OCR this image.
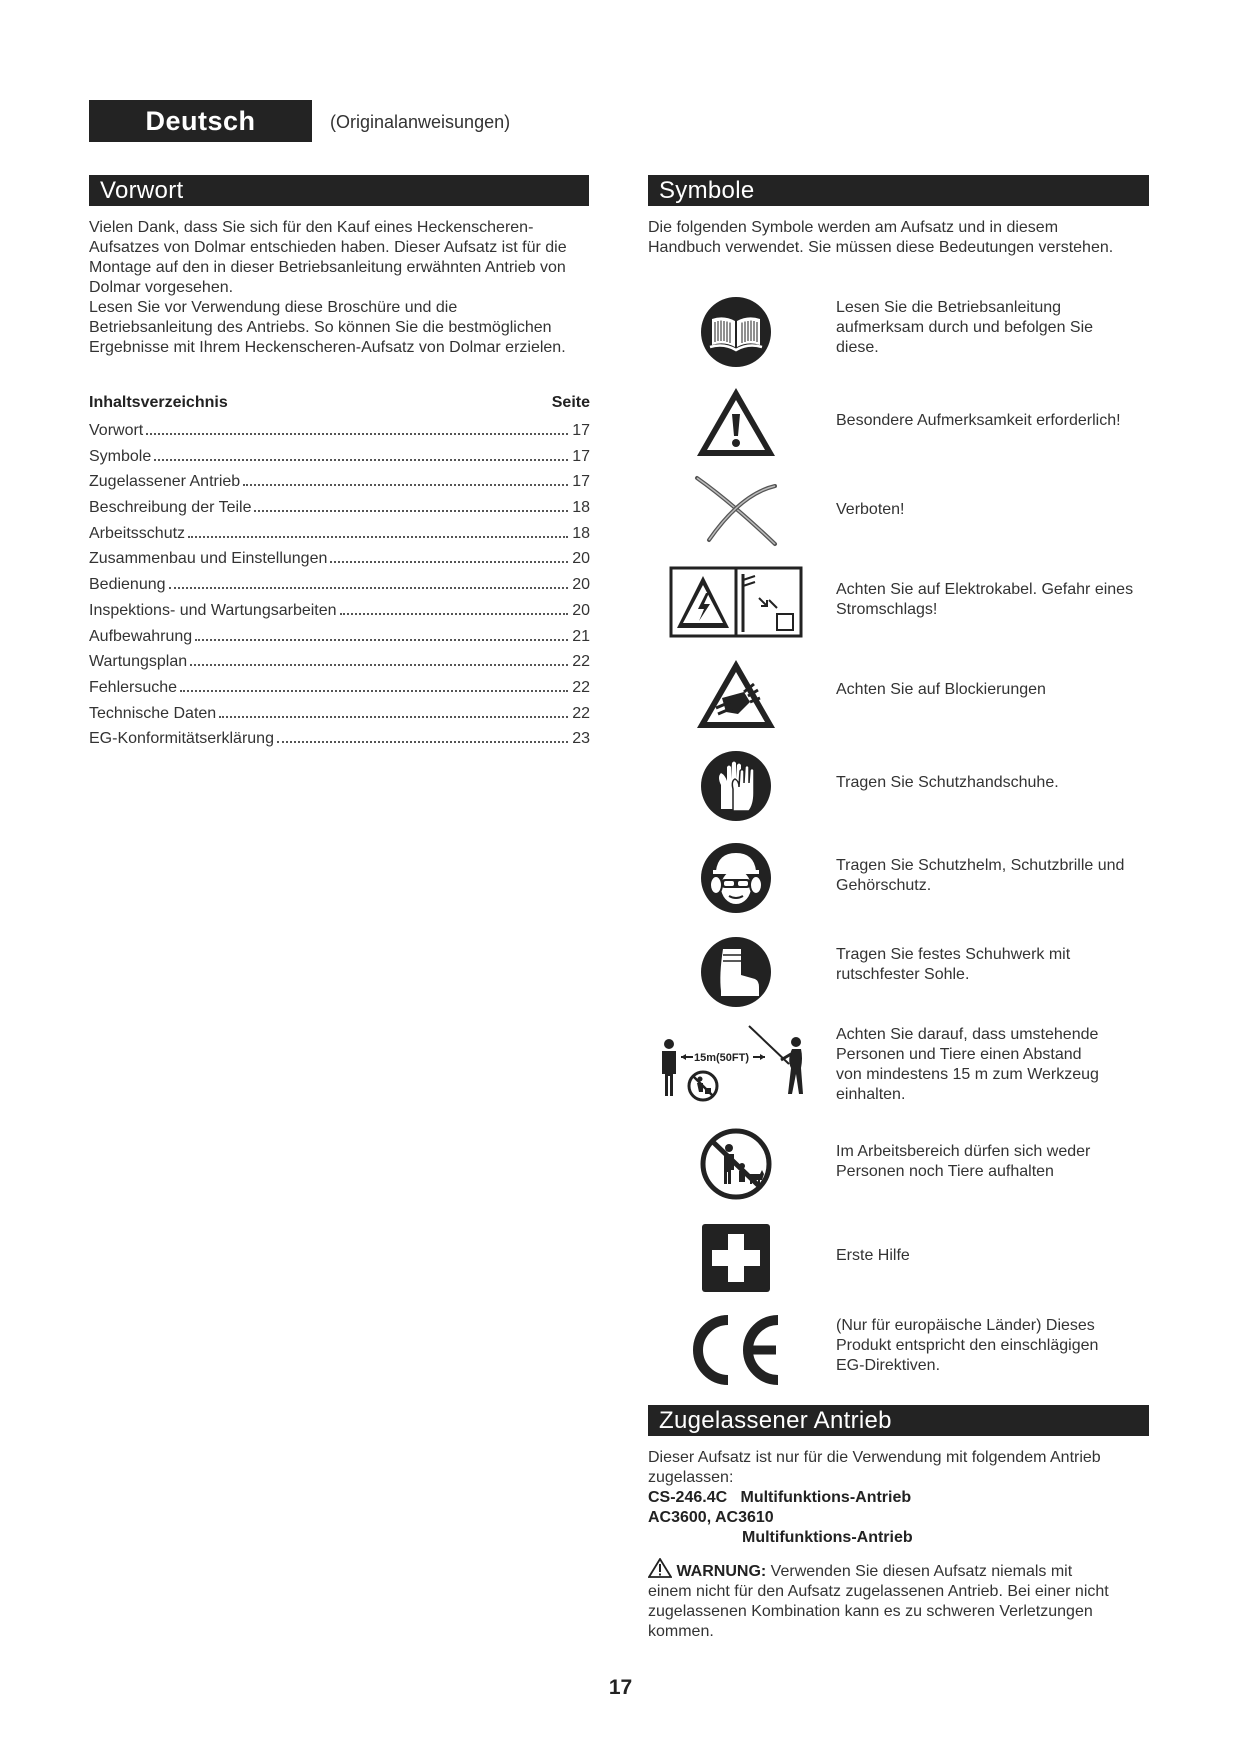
Deutsch	(Originalanweisungen)
Vorwort
Vielen Dank, dass Sie sich für den Kauf eines Heckenscheren-
Aufsatzes von Dolmar entschieden haben. Dieser Aufsatz ist für die
Montage auf den in dieser Betriebsanleitung erwähnten Antrieb von
Dolmar vorgesehen.
Lesen Sie vor Verwendung diese Broschüre und die
Betriebsanleitung des Antriebs. So können Sie die bestmöglichen
Ergebnisse mit Ihrem Heckenscheren-Aufsatz von Dolmar erzielen.
Inhaltsverzeichnis	Seite
Vorwort	17
Symbole	17
Zugelassener Antrieb	17
Beschreibung der Teile	18
Arbeitsschutz	18
Zusammenbau und Einstellungen	20
Bedienung	20
Inspektions- und Wartungsarbeiten	20
Aufbewahrung	21
Wartungsplan	22
Fehlersuche	22
Technische Daten	22
EG-Konformitätserklärung	23
Symbole
Die folgenden Symbole werden am Aufsatz und in diesem
Handbuch verwendet. Sie müssen diese Bedeutungen verstehen.
Lesen Sie die Betriebsanleitung
aufmerksam durch und befolgen Sie
diese.
Besondere Aufmerksamkeit erforderlich!
Verboten!
Achten Sie auf Elektrokabel. Gefahr eines
Stromschlags!
Achten Sie auf Blockierungen
Tragen Sie Schutzhandschuhe.
Tragen Sie Schutzhelm, Schutzbrille und
Gehörschutz.
Tragen Sie festes Schuhwerk mit
rutschfester Sohle.
15m(50FT)
Achten Sie darauf, dass umstehende
Personen und Tiere einen Abstand
von mindestens 15 m zum Werkzeug
einhalten.
Im Arbeitsbereich dürfen sich weder
Personen noch Tiere aufhalten
Erste Hilfe
(Nur für europäische Länder) Dieses
Produkt entspricht den einschlägigen
EG-Direktiven.
Zugelassener Antrieb
Dieser Aufsatz ist nur für die Verwendung mit folgendem Antrieb
zugelassen:
CS-246.4C Multifunktions-Antrieb
AC3600, AC3610
Multifunktions-Antrieb
WARNUNG: Verwenden Sie diesen Aufsatz niemals mit
einem nicht für den Aufsatz zugelassenen Antrieb. Bei einer nicht
zugelassenen Kombination kann es zu schweren Verletzungen
kommen.
17
